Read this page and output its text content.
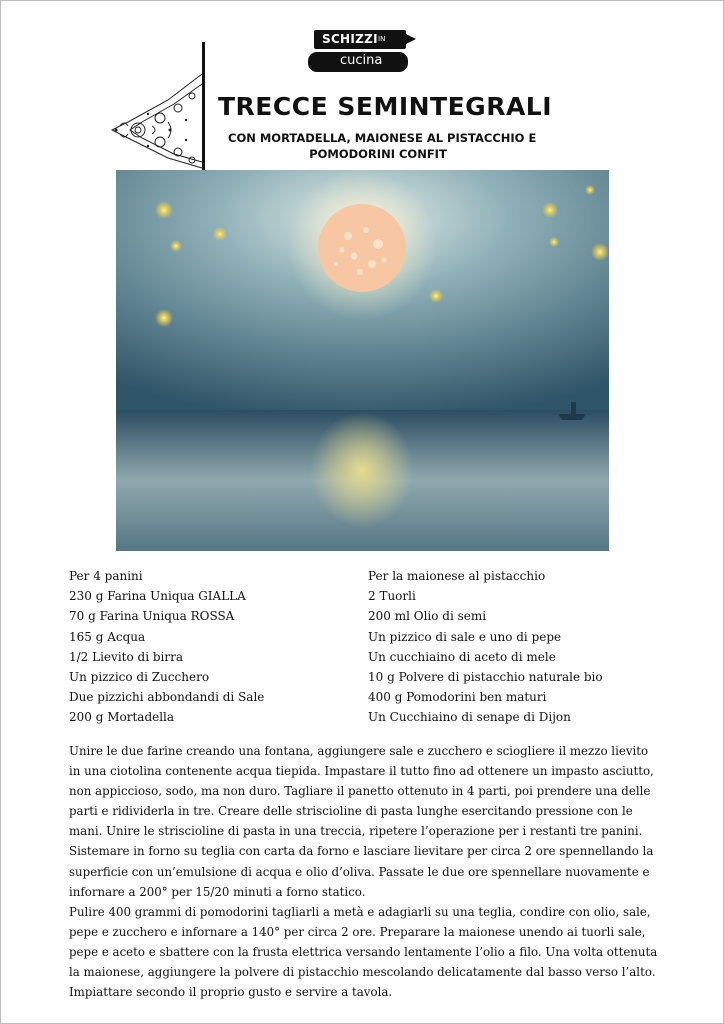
SCHIZZI IN
cucina
TRECCE SEMINTEGRALI
CON MORTADELLA, MAIONESE AL PISTACCHIO E
POMODORINI CONFIT
Per 4 panini
230 g Farina Uniqua GIALLA
70 g Farina Uniqua ROSSA
165 g Acqua
1/2 Lievito di birra
Un pizzico di Zucchero
Due pizzichi abbondandi di Sale
200 g Mortadella
Per la maionese al pistacchio
2 Tuorli
200 ml Olio di semi
Un pizzico di sale e uno di pepe
Un cucchiaino di aceto di mele
10 g Polvere di pistacchio naturale bio
400 g Pomodorini ben maturi
Un Cucchiaino di senape di Dijon

Unire le due farine creando una fontana, aggiungere sale e zucchero e sciogliere il mezzo lievito in una ciotolina contenente acqua tiepida. Impastare il tutto fino ad ottenere un impasto asciutto, non appiccioso, sodo, ma non duro. Tagliare il panetto ottenuto in 4 parti, poi prendere una delle parti e ridividerla in tre. Creare delle striscioline di pasta lunghe esercitando pressione con le mani. Unire le striscioline di pasta in una treccia, ripetere l’operazione per i restanti tre panini. Sistemare in forno su teglia con carta da forno e lasciare lievitare per circa 2 ore spennellando la superficie con un’emulsione di acqua e olio d’oliva. Passate le due ore spennellare nuovamente e infornare a 200° per 15/20 minuti a forno statico.

Pulire 400 grammi di pomodorini tagliarli a metà e adagiarli su una teglia, condire con olio, sale, pepe e zucchero e infornare a 140° per circa 2 ore. Preparare la maionese unendo ai tuorli sale, pepe e aceto e sbattere con la frusta elettrica versando lentamente l’olio a filo. Una volta ottenuta la maionese, aggiungere la polvere di pistacchio mescolando delicatamente dal basso verso l’alto. Impiattare secondo il proprio gusto e servire a tavola.
